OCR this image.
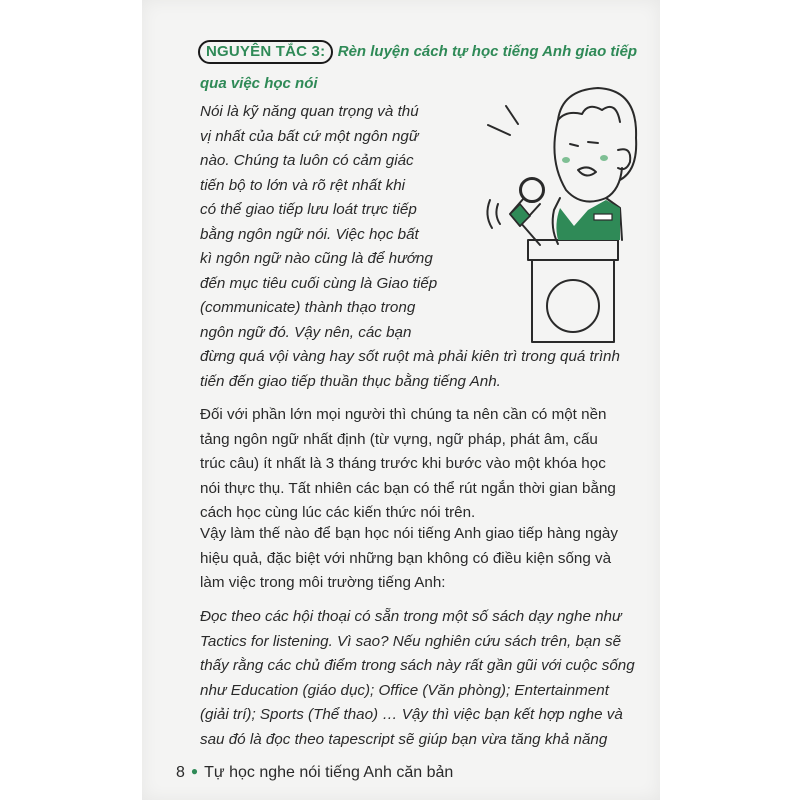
NGUYÊN TẮC 3: Rèn luyện cách tự học tiếng Anh giao tiếp
qua việc học nói
Nói là kỹ năng quan trọng và thú
vị nhất của bất cứ một ngôn ngữ
nào. Chúng ta luôn có cảm giác
tiến bộ to lớn và rõ rệt nhất khi
có thể giao tiếp lưu loát trực tiếp
bằng ngôn ngữ nói. Việc học bất
kì ngôn ngữ nào cũng là để hướng
đến mục tiêu cuối cùng là Giao tiếp
(communicate) thành thạo trong
ngôn ngữ đó. Vậy nên, các bạn
đừng quá vội vàng hay sốt ruột mà phải kiên trì trong quá trình
tiến đến giao tiếp thuần thục bằng tiếng Anh.
Đối với phần lớn mọi người thì chúng ta nên cần có một nền
tảng ngôn ngữ nhất định (từ vựng, ngữ pháp, phát âm, cấu
trúc câu) ít nhất là 3 tháng trước khi bước vào một khóa học
nói thực thụ. Tất nhiên các bạn có thể rút ngắn thời gian bằng
cách học cùng lúc các kiến thức nói trên.
Vậy làm thế nào để bạn học nói tiếng Anh giao tiếp hàng ngày
hiệu quả, đặc biệt với những bạn không có điều kiện sống và
làm việc trong môi trường tiếng Anh:
Đọc theo các hội thoại có sẵn trong một số sách dạy nghe như
Tactics for listening. Vì sao? Nếu nghiên cứu sách trên, bạn sẽ
thấy rằng các chủ điểm trong sách này rất gần gũi với cuộc sống
như Education (giáo dục); Office (Văn phòng); Entertainment
(giải trí); Sports (Thể thao) … Vậy thì việc bạn kết hợp nghe và
sau đó là đọc theo tapescript sẽ giúp bạn vừa tăng khả năng
8 ● Tự học nghe nói tiếng Anh căn bản
